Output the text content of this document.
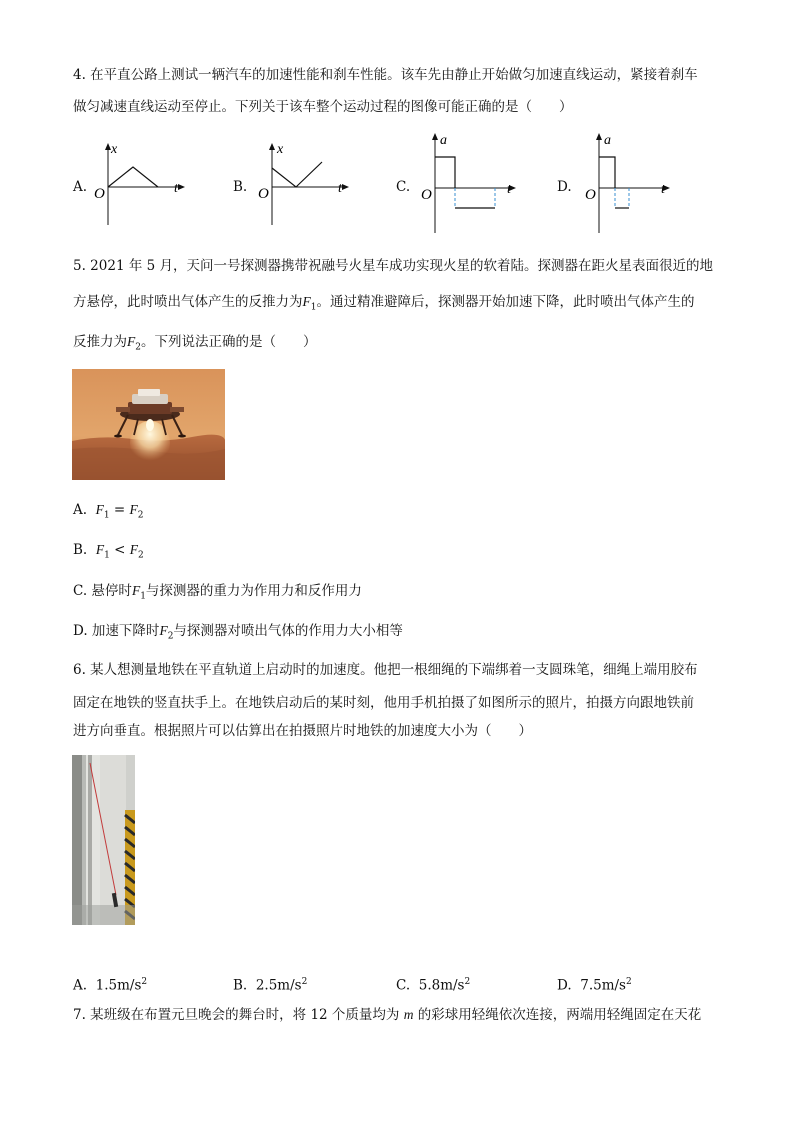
4. 在平直公路上测试一辆汽车的加速性能和刹车性能。该车先由静止开始做匀加速直线运动，紧接着刹车
做匀减速直线运动至停止。下列关于该车整个运动过程的图像可能正确的是（　　）
A.
x
O	t	B.
x
O	t	C.
a
O	t	D.
a
O	t
5. 2021 年 5 月，天问一号探测器携带祝融号火星车成功实现火星的软着陆。探测器在距火星表面很近的地
方悬停，此时喷出气体产生的反推力为$F_1$。通过精准避障后，探测器开始加速下降，此时喷出气体产生的
反推力为$F_2$。下列说法正确的是（　　）
A. $F_1 = F_2$
B. $F_1 < F_2$
C. 悬停时$F_1$与探测器的重力为作用力和反作用力
D. 加速下降时$F_2$与探测器对喷出气体的作用力大小相等
6. 某人想测量地铁在平直轨道上启动时的加速度。他把一根细绳的下端绑着一支圆珠笔，细绳上端用胶布
固定在地铁的竖直扶手上。在地铁启动后的某时刻，他用手机拍摄了如图所示的照片，拍摄方向跟地铁前
进方向垂直。根据照片可以估算出在拍摄照片时地铁的加速度大小为（　　）
A. $1.5m/s^2$	B. $2.5m/s^2$	C. $5.8m/s^2$	D. $7.5m/s^2$
7. 某班级在布置元旦晚会的舞台时，将 12 个质量均为 m 的彩球用轻绳依次连接，两端用轻绳固定在天花
